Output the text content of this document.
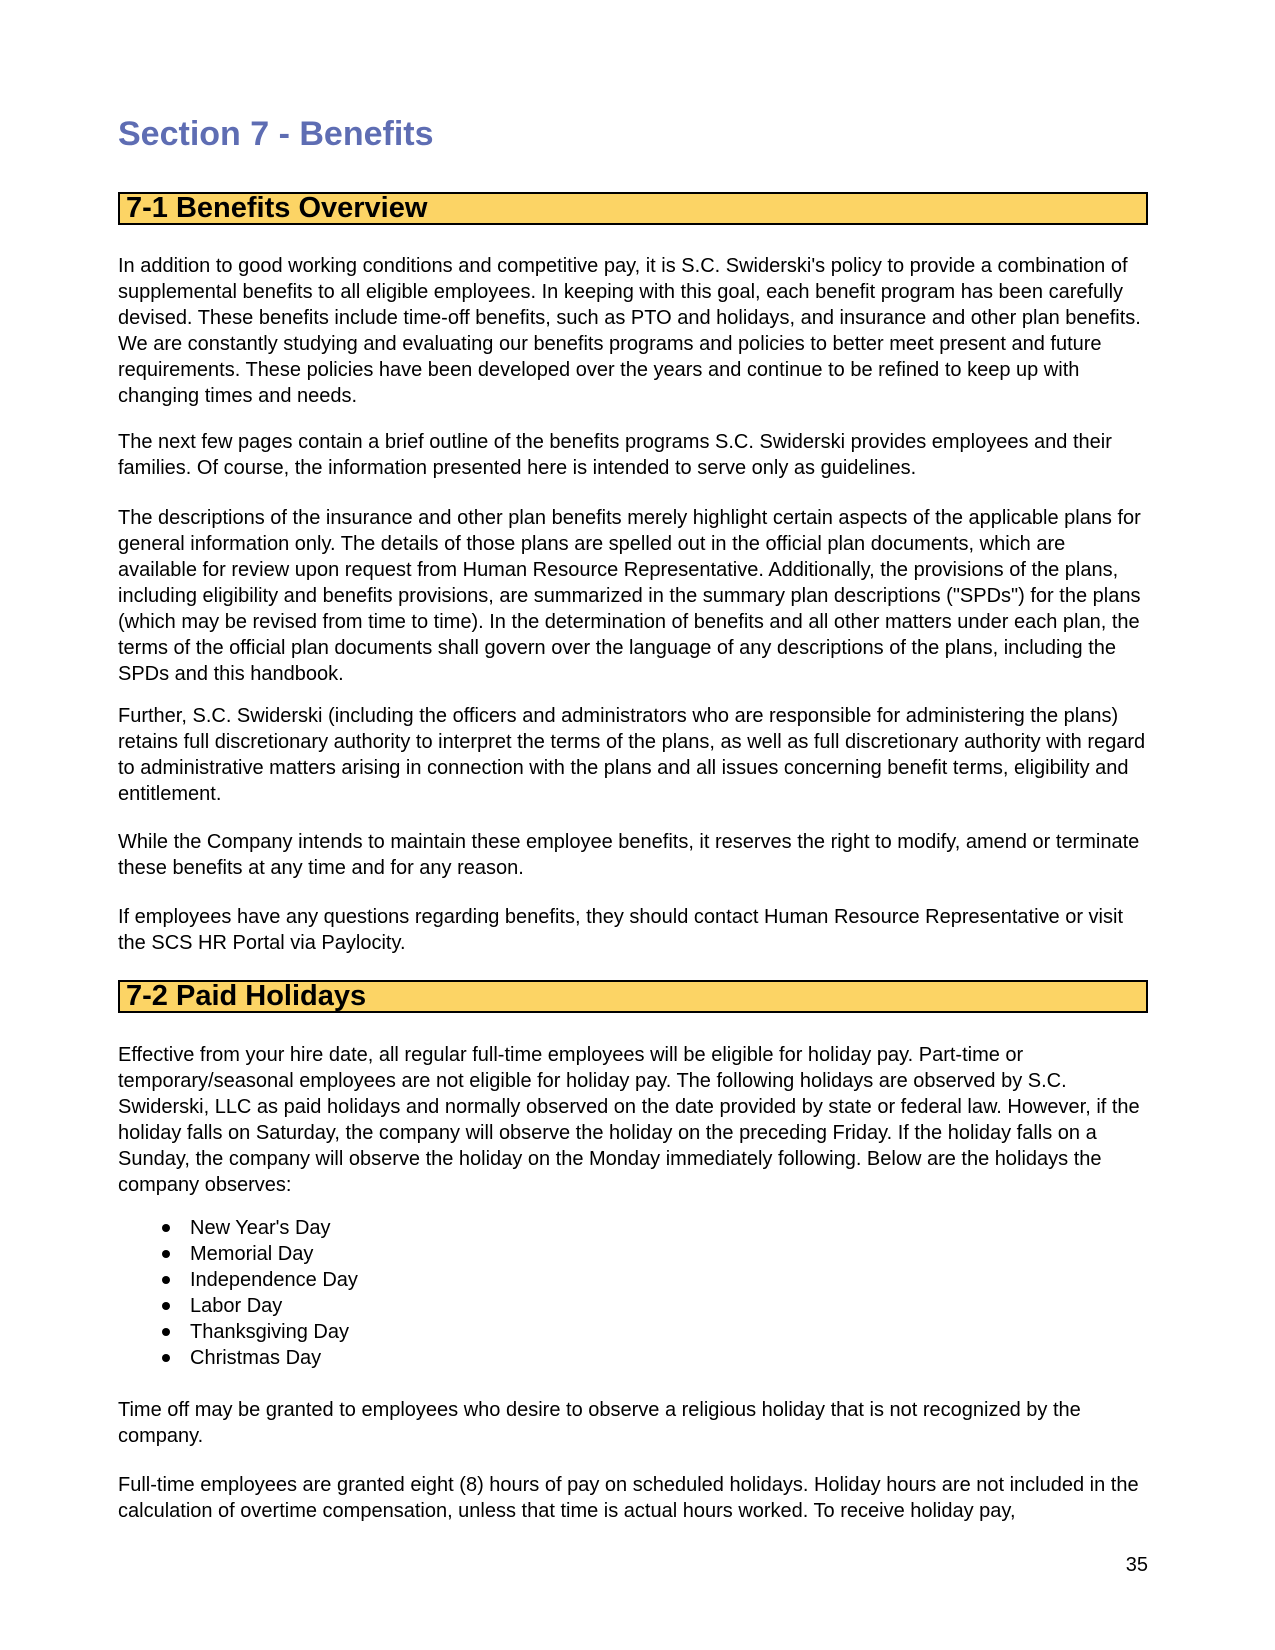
Section 7 - Benefits
7-1 Benefits Overview

In addition to good working conditions and competitive pay, it is S.C. Swiderski's policy to provide a combination of supplemental benefits to all eligible employees. In keeping with this goal, each benefit program has been carefully devised. These benefits include time-off benefits, such as PTO and holidays, and insurance and other plan benefits. We are constantly studying and evaluating our benefits programs and policies to better meet present and future requirements. These policies have been developed over the years and continue to be refined to keep up with changing times and needs.

The next few pages contain a brief outline of the benefits programs S.C. Swiderski provides employees and their families. Of course, the information presented here is intended to serve only as guidelines.

The descriptions of the insurance and other plan benefits merely highlight certain aspects of the applicable plans for general information only. The details of those plans are spelled out in the official plan documents, which are available for review upon request from Human Resource Representative. Additionally, the provisions of the plans, including eligibility and benefits provisions, are summarized in the summary plan descriptions ("SPDs") for the plans (which may be revised from time to time). In the determination of benefits and all other matters under each plan, the terms of the official plan documents shall govern over the language of any descriptions of the plans, including the SPDs and this handbook.

Further, S.C. Swiderski (including the officers and administrators who are responsible for administering the plans) retains full discretionary authority to interpret the terms of the plans, as well as full discretionary authority with regard to administrative matters arising in connection with the plans and all issues concerning benefit terms, eligibility and entitlement.

While the Company intends to maintain these employee benefits, it reserves the right to modify, amend or terminate these benefits at any time and for any reason.

If employees have any questions regarding benefits, they should contact Human Resource Representative or visit the SCS HR Portal via Paylocity.

7-2 Paid Holidays

Effective from your hire date, all regular full-time employees will be eligible for holiday pay. Part-time or temporary/seasonal employees are not eligible for holiday pay. The following holidays are observed by S.C. Swiderski, LLC as paid holidays and normally observed on the date provided by state or federal law. However, if the holiday falls on Saturday, the company will observe the holiday on the preceding Friday. If the holiday falls on a Sunday, the company will observe the holiday on the Monday immediately following. Below are the holidays the company observes:

New Year's Day
Memorial Day
Independence Day
Labor Day
Thanksgiving Day
Christmas Day

Time off may be granted to employees who desire to observe a religious holiday that is not recognized by the company.

Full-time employees are granted eight (8) hours of pay on scheduled holidays. Holiday hours are not included in the calculation of overtime compensation, unless that time is actual hours worked. To receive holiday pay,

35
